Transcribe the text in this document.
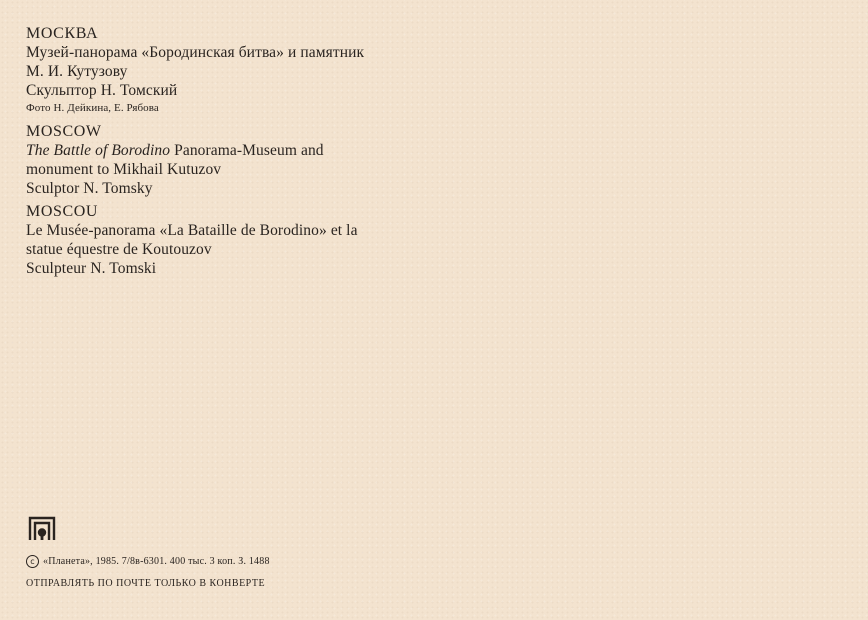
МОСКВА
Музей-панорама «Бородинская битва» и памятник
М. И. Кутузову
Скульптор Н. Томский
Фото Н. Дейкина, Е. Рябова
MOSCOW
The Battle of Borodino Panorama-Museum and
monument to Mikhail Kutuzov
Sculptor N. Tomsky
MOSCOU
Le Musée-panorama «La Bataille de Borodino» et la
statue équestre de Koutouzov
Sculpteur N. Tomski
c «Планета», 1985. 7/8в-6301. 400 тыс. 3 коп. З. 1488
ОТПРАВЛЯТЬ ПО ПОЧТЕ ТОЛЬКО В КОНВЕРТЕ
